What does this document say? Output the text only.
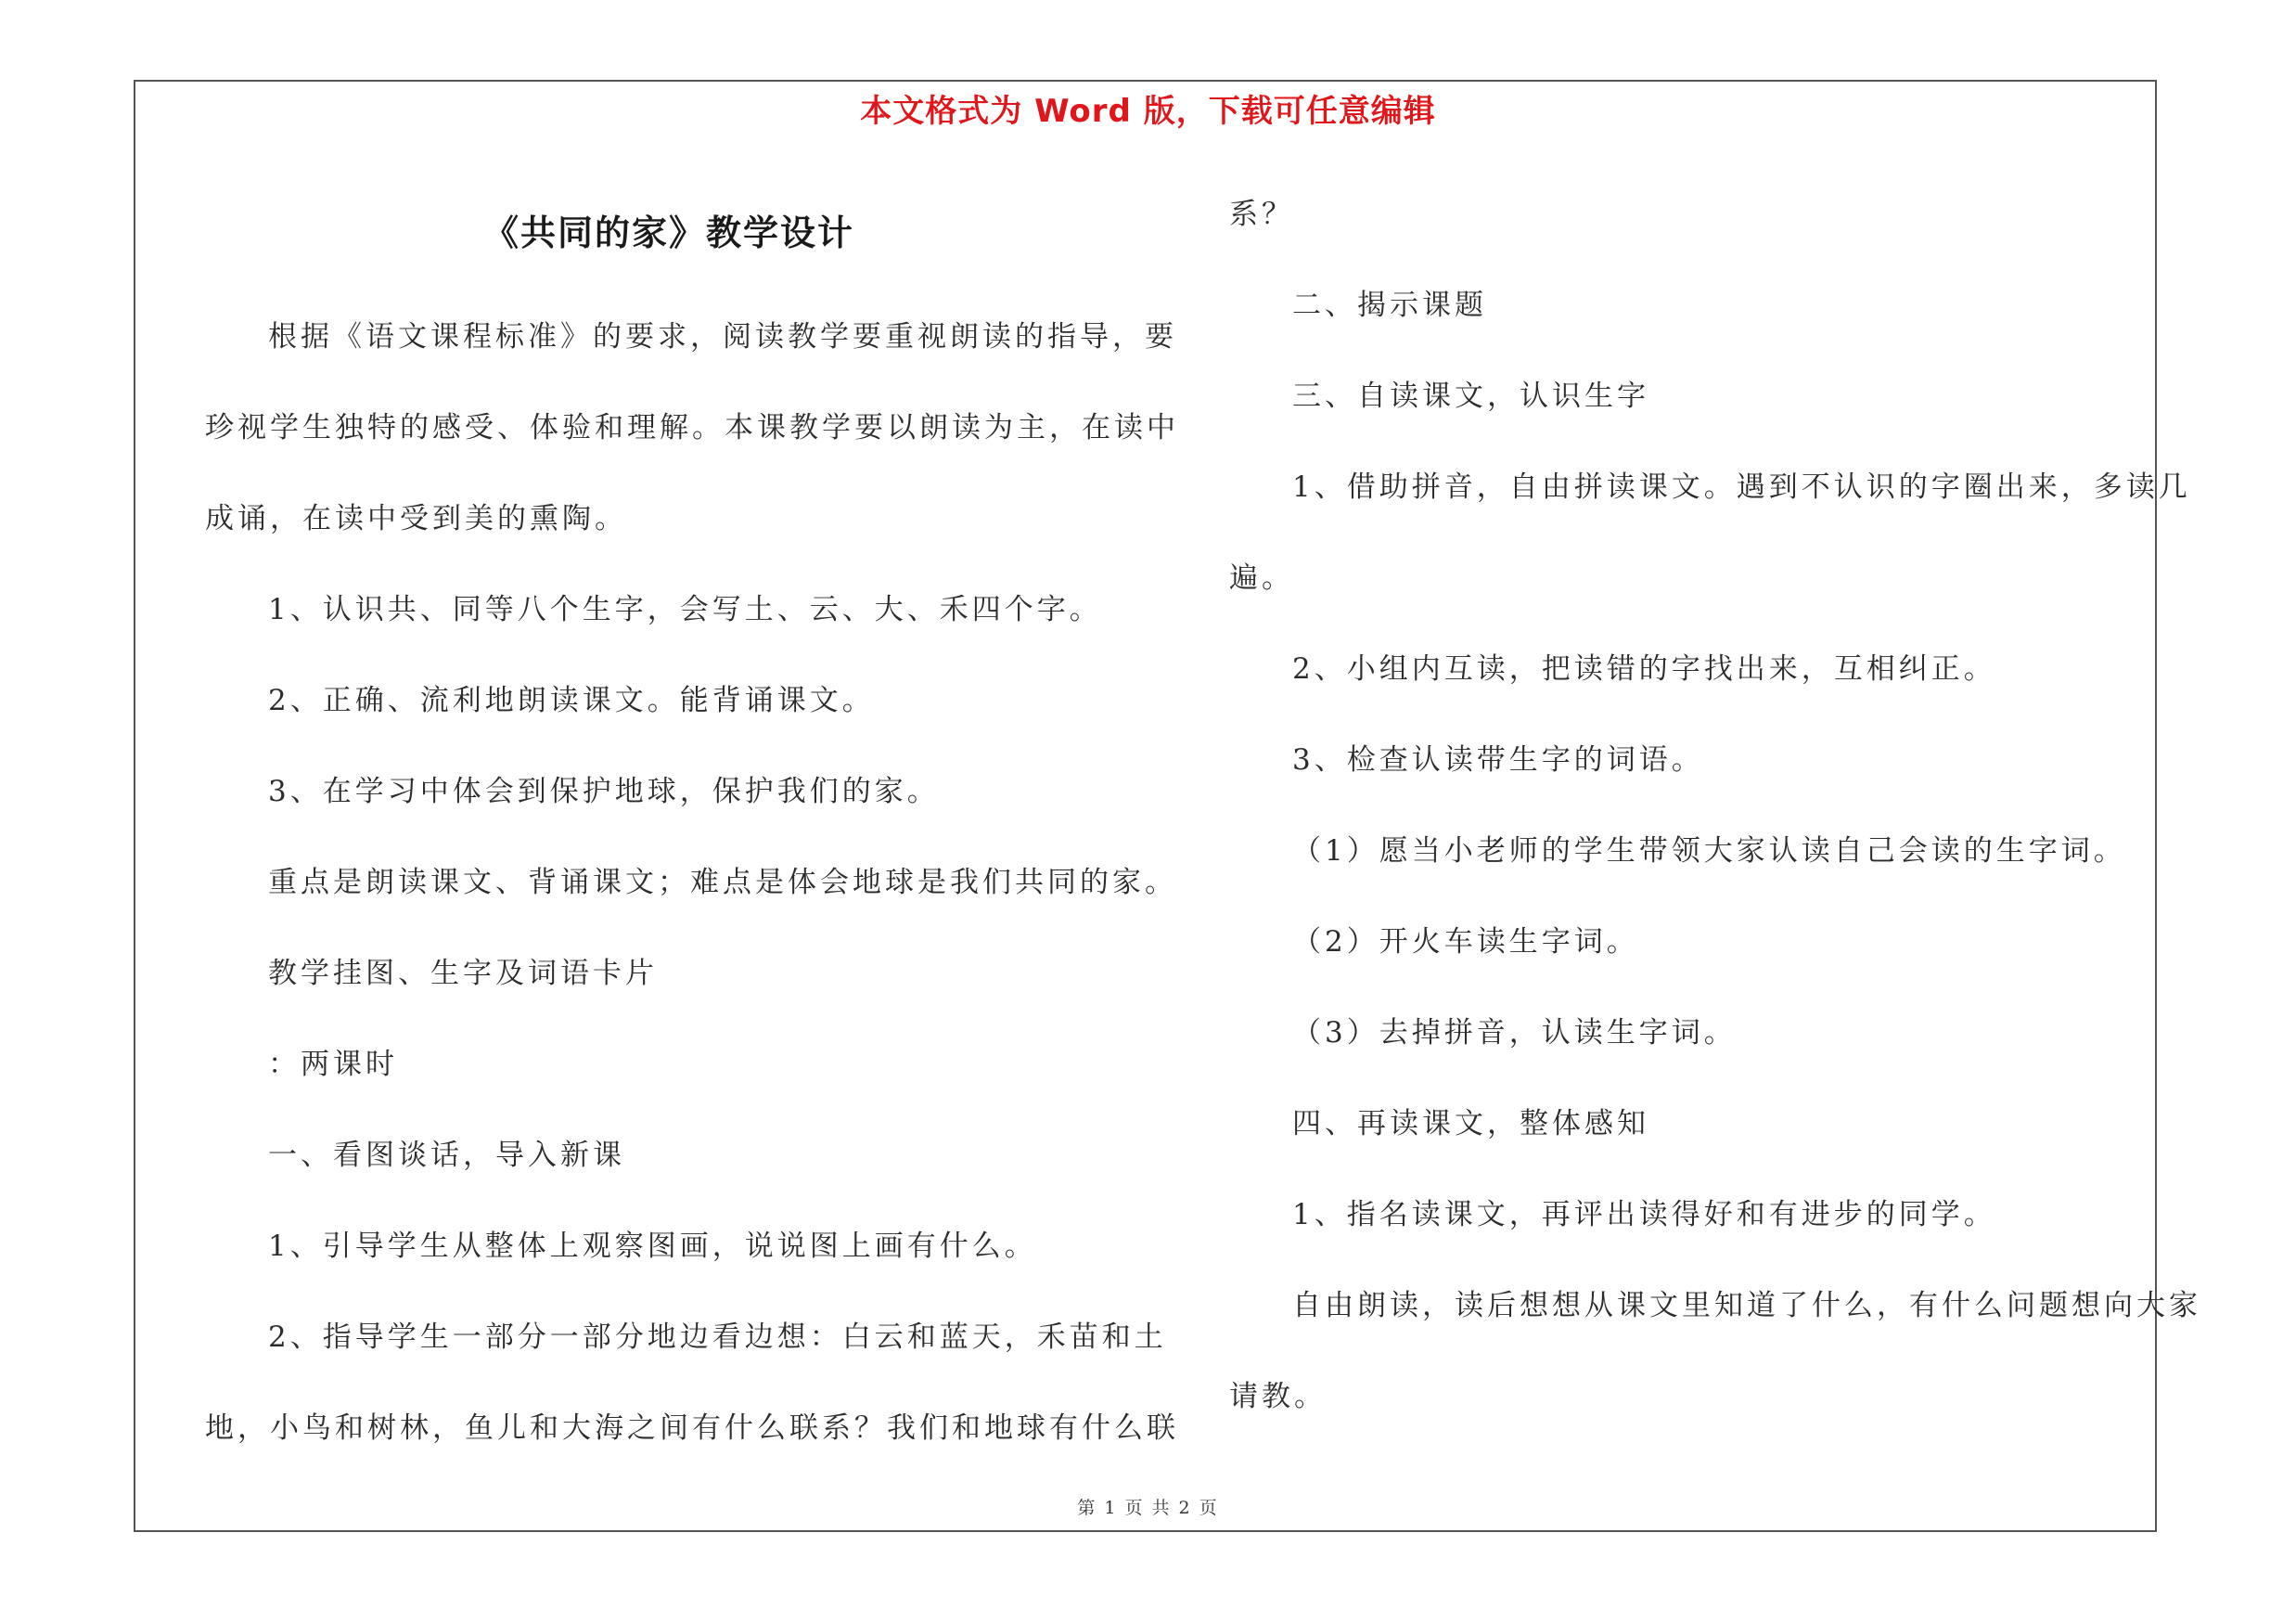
本文格式为 Word 版，下载可任意编辑
《共同的家》教学设计
根据《语文课程标准》的要求，阅读教学要重视朗读的指导，要
珍视学生独特的感受、体验和理解。本课教学要以朗读为主，在读中
成诵，在读中受到美的熏陶。
1、认识共、同等八个生字，会写土、云、大、禾四个字。
2、正确、流利地朗读课文。能背诵课文。
3、在学习中体会到保护地球，保护我们的家。
重点是朗读课文、背诵课文；难点是体会地球是我们共同的家。
教学挂图、生字及词语卡片
：两课时
一、看图谈话，导入新课
1、引导学生从整体上观察图画，说说图上画有什么。
2、指导学生一部分一部分地边看边想：白云和蓝天，禾苗和土
地，小鸟和树林，鱼儿和大海之间有什么联系？我们和地球有什么联
系？
二、揭示课题
三、自读课文，认识生字
1、借助拼音，自由拼读课文。遇到不认识的字圈出来，多读几
遍。
2、小组内互读，把读错的字找出来，互相纠正。
3、检查认读带生字的词语。
（1）愿当小老师的学生带领大家认读自己会读的生字词。
（2）开火车读生字词。
（3）去掉拼音，认读生字词。
四、再读课文，整体感知
1、指名读课文，再评出读得好和有进步的同学。
自由朗读，读后想想从课文里知道了什么，有什么问题想向大家
请教。
第 1 页 共 2 页
